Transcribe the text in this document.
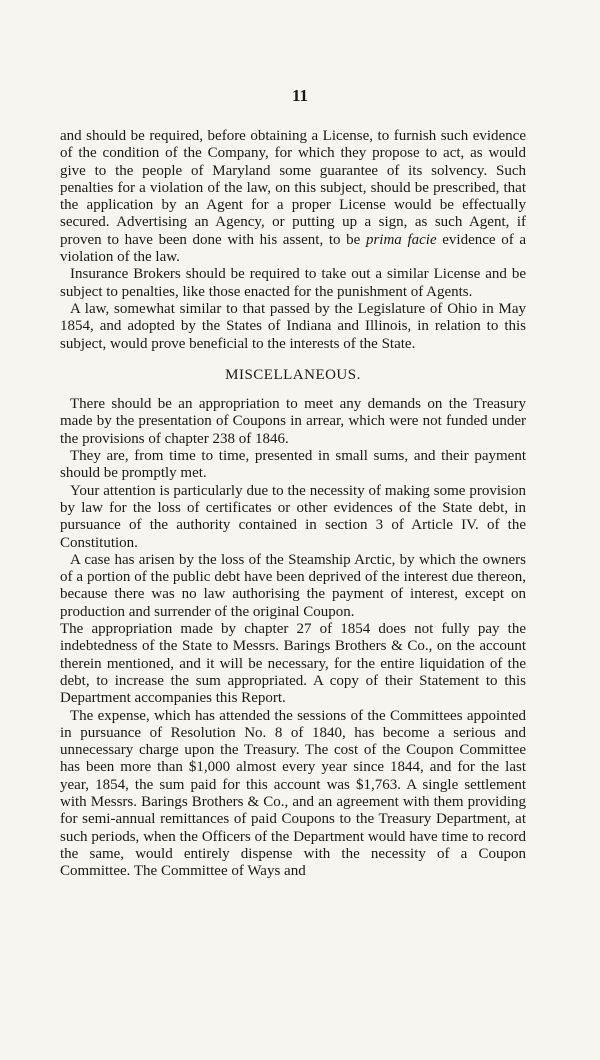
11

and should be required, before obtaining a License, to furnish such evidence of the condition of the Company, for which they propose to act, as would give to the people of Maryland some guarantee of its solvency. Such penalties for a violation of the law, on this subject, should be prescribed, that the application by an Agent for a proper License would be effectually secured. Advertising an Agency, or putting up a sign, as such Agent, if proven to have been done with his assent, to be prima facie evidence of a violation of the law.

Insurance Brokers should be required to take out a similar License and be subject to penalties, like those enacted for the punishment of Agents.

A law, somewhat similar to that passed by the Legislature of Ohio in May 1854, and adopted by the States of Indiana and Illinois, in relation to this subject, would prove beneficial to the interests of the State.

MISCELLANEOUS.

There should be an appropriation to meet any demands on the Treasury made by the presentation of Coupons in arrear, which were not funded under the provisions of chapter 238 of 1846.

They are, from time to time, presented in small sums, and their payment should be promptly met.

Your attention is particularly due to the necessity of making some provision by law for the loss of certificates or other evidences of the State debt, in pursuance of the authority contained in section 3 of Article IV. of the Constitution.

A case has arisen by the loss of the Steamship Arctic, by which the owners of a portion of the public debt have been deprived of the interest due thereon, because there was no law authorising the payment of interest, except on production and surrender of the original Coupon.

The appropriation made by chapter 27 of 1854 does not fully pay the indebtedness of the State to Messrs. Barings Brothers & Co., on the account therein mentioned, and it will be necessary, for the entire liquidation of the debt, to increase the sum appropriated. A copy of their Statement to this Department accompanies this Report.

The expense, which has attended the sessions of the Committees appointed in pursuance of Resolution No. 8 of 1840, has become a serious and unnecessary charge upon the Treasury. The cost of the Coupon Committee has been more than $1,000 almost every year since 1844, and for the last year, 1854, the sum paid for this account was $1,763. A single settlement with Messrs. Barings Brothers & Co., and an agreement with them providing for semi-annual remittances of paid Coupons to the Treasury Department, at such periods, when the Officers of the Department would have time to record the same, would entirely dispense with the necessity of a Coupon Committee. The Committee of Ways and
